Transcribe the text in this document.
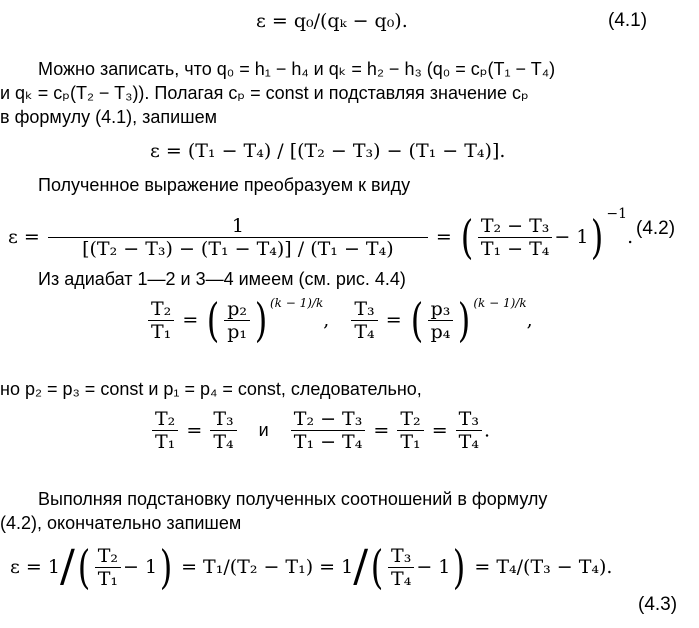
ε = q₀/(qₖ − q₀).	(4.1)
Можно записать, что q₀ = h₁ − h₄ и qₖ = h₂ − h₃ (q₀ = cₚ(T₁ − T₄)
и qₖ = cₚ(T₂ − T₃)). Полагая cₚ = const и подставляя значение cₚ
в формулу (4.1), запишем
ε = (T₁ − T₄) / [(T₂ − T₃) − (T₁ − T₄)].
Полученное выражение преобразуем к виду
$\varepsilon = \frac{1}{\text{[(T₂ − T₃) − (T₁ − T₄)] / (T₁ − T₄)}}$ = ( $\frac{\text{T₂ − T₃}}{\text{T₁ − T₄}} - 1$) $^{-1}$. (4.2)
Из адиабат 1—2 и 3—4 имеем (см. рис. 4.4)
$\frac{\text{T₂}}{\text{T₁}}$ = ( $\frac{\text{p₂}}{\text{p₁}}$ ) $^{(k - 1)/k}$, $\frac{\text{T₃}}{\text{T₄}}$ = ( $\frac{\text{p₃}}{\text{p₄}}$ ) $^{(k - 1)/k}$,
но p₂ = p₃ = const и p₁ = p₄ = const, следовательно,
$\frac{\text{T₂}}{\text{T₁}} = \frac{\text{T₃}}{\text{T₄}}$ и $\frac{\text{T₂ − T₃}}{\text{T₁ − T₄}} = \frac{\text{T₂}}{\text{T₁}} = \frac{\text{T₃}}{\text{T₄}}$ .
Выполняя подстановку полученных соотношений в формулу
(4.2), окончательно запишем
$\varepsilon = 1/( \frac{\text{T₂}}{\text{T₁}} - 1) = T_1/(T_2 - T_1) = 1/( \frac{\text{T₃}}{\text{T₄}} - 1) = T_4/(T_3 - T_4)$.
(4.3)
